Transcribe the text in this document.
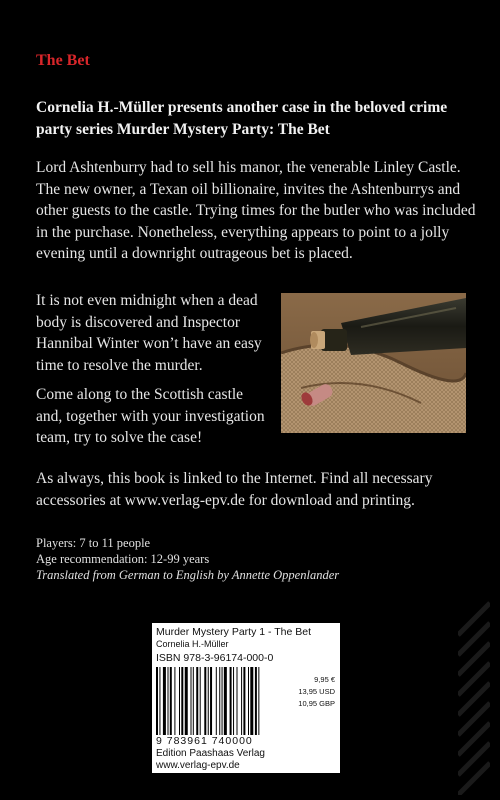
The Bet
Cornelia H.-Müller presents another case in the beloved crime party series Murder Mystery Party: The Bet
Lord Ashtenburry had to sell his manor, the venerable Linley Castle. The new owner, a Texan oil billionaire, invites the Ashtenburrys and other guests to the castle. Trying times for the butler who was included in the purchase. Nonetheless, everything appears to point to a jolly evening until a downright outrageous bet is placed.
It is not even midnight when a dead body is discovered and Inspector Hannibal Winter won’t have an easy time to resolve the murder.
Come along to the Scottish castle and, together with your investigation team, try to solve the case!
As always, this book is linked to the Internet. Find all necessary accessories at www.verlag-epv.de for download and printing.
Players: 7 to 11 people
Age recommendation: 12-99 years
Translated from German to English by Annette Oppenlander
Murder Mystery Party 1 - The Bet
Cornelia H.-Müller
ISBN 978-3-96174-000-0
9,95 €
13,95 USD
10,95 GBP
9 783961 740000
Edition Paashaas Verlag
www.verlag-epv.de
